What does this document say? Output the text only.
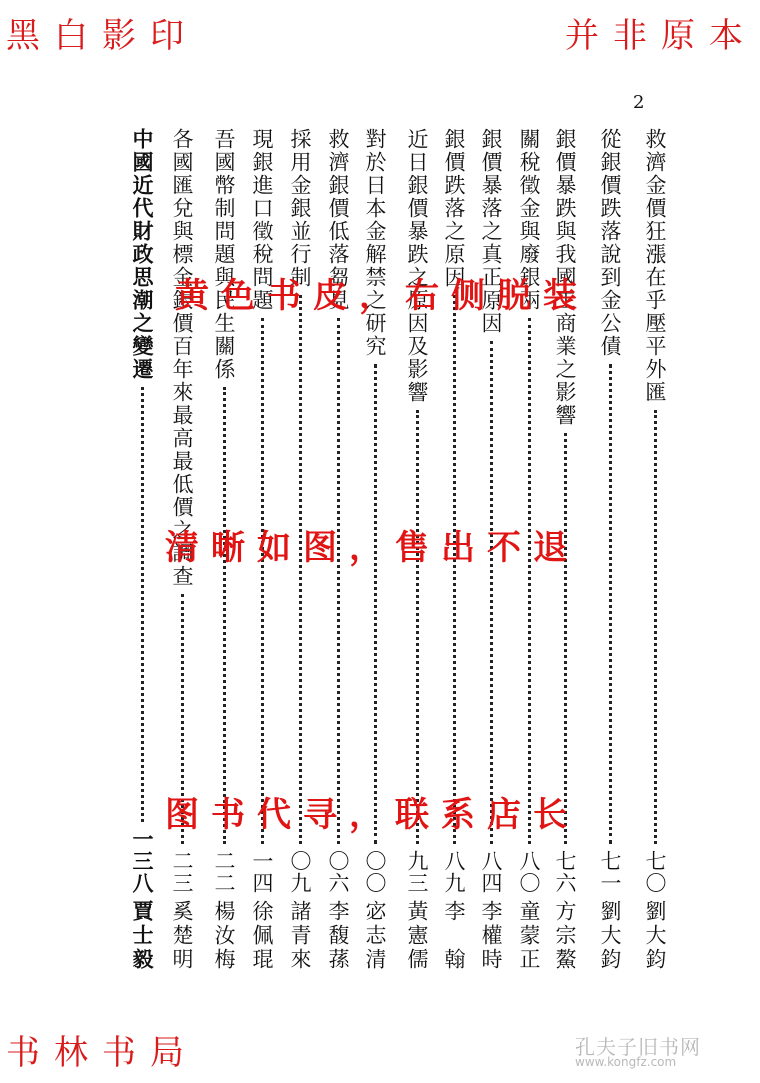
黑白影印	并非原本
书林书局
2
救濟金價狂漲在乎壓平外匯
七〇
劉大鈞
從銀價跌落說到金公債
七一
劉大鈞
銀價暴跌與我國工商業之影響
七六
方宗鰲
關稅徵金與廢銀兩
八〇
童蒙正
銀價暴落之真正原因
八四
李權時
銀價跌落之原因
八九
李　翰
近日銀價暴跌之原因及影響
九三
黃憲儒
對於日本金解禁之研究
〇〇
宓志清
救濟銀價低落芻見
〇六
李馥蓀
採用金銀並行制
〇九
諸青來
現銀進口徵稅問題
一四
徐佩琨
吾國幣制問題與民生關係
二二
楊汝梅
各國匯兌與標金銀價百年來最高最低價之調查
二三
奚楚明
中國近代財政思潮之變遷
一三八
賈士毅
黄色书皮，右侧脱装
清晰如图，售出不退
图书代寻，联系店长
孔夫子旧书网
www.kongfz.com
